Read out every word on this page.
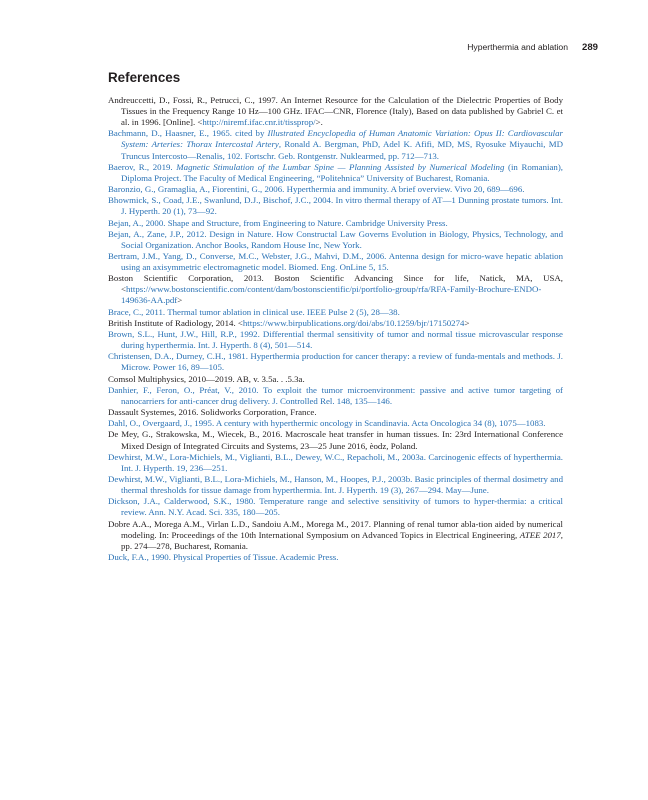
Hyperthermia and ablation 289
References
Andreuccetti, D., Fossi, R., Petrucci, C., 1997. An Internet Resource for the Calculation of the Dielectric Properties of Body Tissues in the Frequency Range 10 Hz—100 GHz. IFAC—CNR, Florence (Italy), Based on data published by Gabriel C. et al. in 1996. [Online]. <http://niremf.ifac.cnr.it/tissprop/>.
Bachmann, D., Haasner, E., 1965. cited by Illustrated Encyclopedia of Human Anatomic Variation: Opus II: Cardiovascular System: Arteries: Thorax Intercostal Artery, Ronald A. Bergman, PhD, Adel K. Afifi, MD, MS, Ryosuke Miyauchi, MD Truncus Intercosto—Renalis, 102. Fortschr. Geb. Rontgenstr. Nuklearmed, pp. 712—713.
Baerov, R., 2019. Magnetic Stimulation of the Lumbar Spine — Planning Assisted by Numerical Modeling (in Romanian), Diploma Project. The Faculty of Medical Engineering, “Politehnica” University of Bucharest, Romania.
Baronzio, G., Gramaglia, A., Fiorentini, G., 2006. Hyperthermia and immunity. A brief overview. Vivo 20, 689—696.
Bhowmick, S., Coad, J.E., Swanlund, D.J., Bischof, J.C., 2004. In vitro thermal therapy of AT—1 Dunning prostate tumors. Int. J. Hyperth. 20 (1), 73—92.
Bejan, A., 2000. Shape and Structure, from Engineering to Nature. Cambridge University Press.
Bejan, A., Zane, J.P., 2012. Design in Nature. How Constructal Law Governs Evolution in Biology, Physics, Technology, and Social Organization. Anchor Books, Random House Inc, New York.
Bertram, J.M., Yang, D., Converse, M.C., Webster, J.G., Mahvi, D.M., 2006. Antenna design for micro-wave hepatic ablation using an axisymmetric electromagnetic model. Biomed. Eng. OnLine 5, 15.
Boston Scientific Corporation, 2013. Boston Scientific Advancing Since for life, Natick, MA, USA, <https://www.bostonscientific.com/content/dam/bostonscientific/pi/portfolio-group/rfa/RFA-Family-Brochure-ENDO-149636-AA.pdf>
Brace, C., 2011. Thermal tumor ablation in clinical use. IEEE Pulse 2 (5), 28—38.
British Institute of Radiology, 2014. <https://www.birpublications.org/doi/abs/10.1259/bjr/17150274>
Brown, S.L., Hunt, J.W., Hill, R.P., 1992. Differential thermal sensitivity of tumor and normal tissue microvascular response during hyperthermia. Int. J. Hyperth. 8 (4), 501—514.
Christensen, D.A., Durney, C.H., 1981. Hyperthermia production for cancer therapy: a review of funda-mentals and methods. J. Microw. Power 16, 89—105.
Comsol Multiphysics, 2010—2019. AB, v. 3.5a. . .5.3a.
Danhier, F., Feron, O., Préat, V., 2010. To exploit the tumor microenvironment: passive and active tumor targeting of nanocarriers for anti-cancer drug delivery. J. Controlled Rel. 148, 135—146.
Dassault Systemes, 2016. Solidworks Corporation, France.
Dahl, O., Overgaard, J., 1995. A century with hyperthermic oncology in Scandinavia. Acta Oncologica 34 (8), 1075—1083.
De Mey, G., Strakowska, M., Wiecek, B., 2016. Macroscale heat transfer in human tissues. In: 23rd International Conference Mixed Design of Integrated Circuits and Systems, 23—25 June 2016, èodz, Poland.
Dewhirst, M.W., Lora-Michiels, M., Viglianti, B.L., Dewey, W.C., Repacholi, M., 2003a. Carcinogenic effects of hyperthermia. Int. J. Hyperth. 19, 236—251.
Dewhirst, M.W., Viglianti, B.L., Lora-Michiels, M., Hanson, M., Hoopes, P.J., 2003b. Basic principles of thermal dosimetry and thermal thresholds for tissue damage from hyperthermia. Int. J. Hyperth. 19 (3), 267—294. May—June.
Dickson, J.A., Calderwood, S.K., 1980. Temperature range and selective sensitivity of tumors to hyper-thermia: a critical review. Ann. N.Y. Acad. Sci. 335, 180—205.
Dobre A.A., Morega A.M., Virlan L.D., Sandoiu A.M., Morega M., 2017. Planning of renal tumor abla-tion aided by numerical modeling. In: Proceedings of the 10th International Symposium on Advanced Topics in Electrical Engineering, ATEE 2017, pp. 274—278, Bucharest, Romania.
Duck, F.A., 1990. Physical Properties of Tissue. Academic Press.
